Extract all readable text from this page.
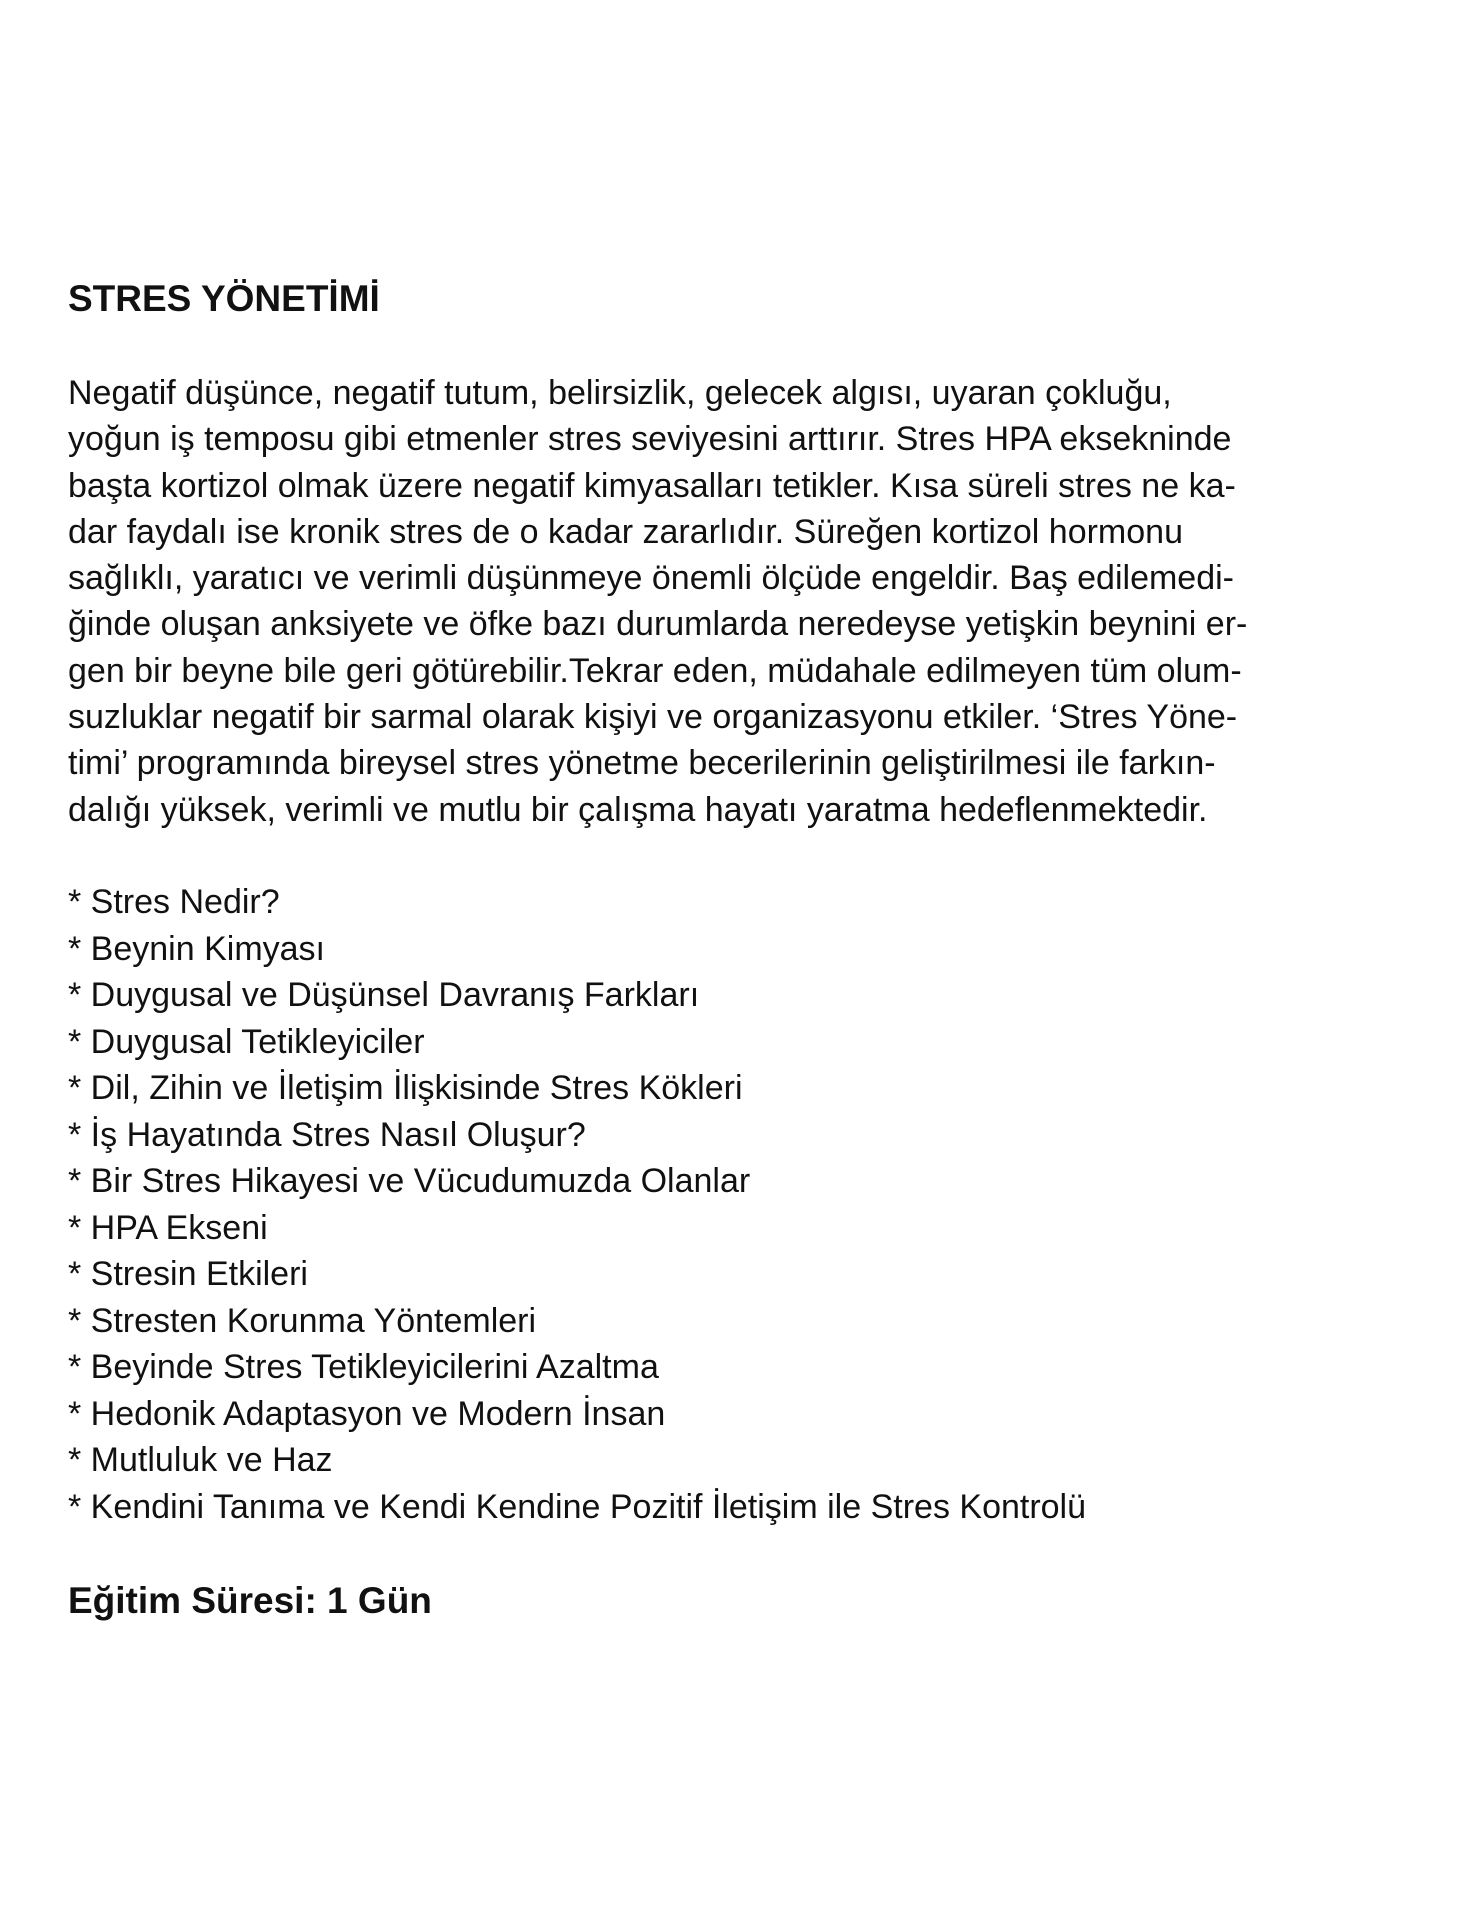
STRES YÖNETİMİ

Negatif düşünce, negatif tutum, belirsizlik, gelecek algısı, uyaran çokluğu,
yoğun iş temposu gibi etmenler stres seviyesini arttırır. Stres HPA eksekninde
başta kortizol olmak üzere negatif kimyasalları tetikler. Kısa süreli stres ne ka-
dar faydalı ise kronik stres de o kadar zararlıdır. Süreğen kortizol hormonu
sağlıklı, yaratıcı ve verimli düşünmeye önemli ölçüde engeldir. Baş edilemedi-
ğinde oluşan anksiyete ve öfke bazı durumlarda neredeyse yetişkin beynini er-
gen bir beyne bile geri götürebilir.Tekrar eden, müdahale edilmeyen tüm olum-
suzluklar negatif bir sarmal olarak kişiyi ve organizasyonu etkiler. ‘Stres Yöne-
timi’ programında bireysel stres yönetme becerilerinin geliştirilmesi ile farkın-
dalığı yüksek, verimli ve mutlu bir çalışma hayatı yaratma hedeflenmektedir.

* Stres Nedir?
* Beynin Kimyası
* Duygusal ve Düşünsel Davranış Farkları
* Duygusal Tetikleyiciler
* Dil, Zihin ve İletişim İlişkisinde Stres Kökleri
* İş Hayatında Stres Nasıl Oluşur?
* Bir Stres Hikayesi ve Vücudumuzda Olanlar
* HPA Ekseni
* Stresin Etkileri
* Stresten Korunma Yöntemleri
* Beyinde Stres Tetikleyicilerini Azaltma
* Hedonik Adaptasyon ve Modern İnsan
* Mutluluk ve Haz
* Kendini Tanıma ve Kendi Kendine Pozitif İletişim ile Stres Kontrolü

Eğitim Süresi: 1 Gün
